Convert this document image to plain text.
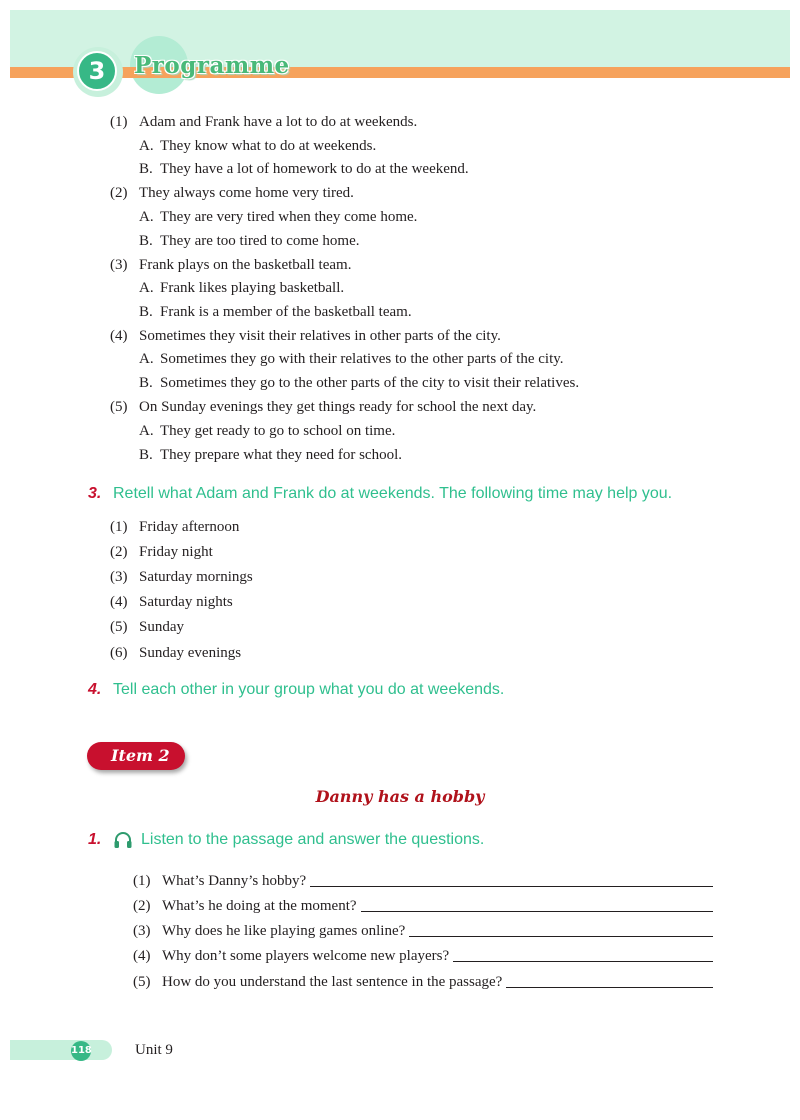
3	Programme
(1) Adam and Frank have a lot to do at weekends.
A. They know what to do at weekends.
B. They have a lot of homework to do at the weekend.
(2) They always come home very tired.
A. They are very tired when they come home.
B. They are too tired to come home.
(3) Frank plays on the basketball team.
A. Frank likes playing basketball.
B. Frank is a member of the basketball team.
(4) Sometimes they visit their relatives in other parts of the city.
A. Sometimes they go with their relatives to the other parts of the city.
B. Sometimes they go to the other parts of the city to visit their relatives.
(5) On Sunday evenings they get things ready for school the next day.
A. They get ready to go to school on time.
B. They prepare what they need for school.
3. Retell what Adam and Frank do at weekends. The following time may help you.
(1) Friday afternoon
(2) Friday night
(3) Saturday mornings
(4) Saturday nights
(5) Sunday
(6) Sunday evenings
4. Tell each other in your group what you do at weekends.
Item 2
Danny has a hobby
1.	Listen to the passage and answer the questions.
(1) What’s Danny’s hobby?
(2) What’s he doing at the moment?
(3) Why does he like playing games online?
(4) Why don’t some players welcome new players?
(5) How do you understand the last sentence in the passage?
118	Unit 9
